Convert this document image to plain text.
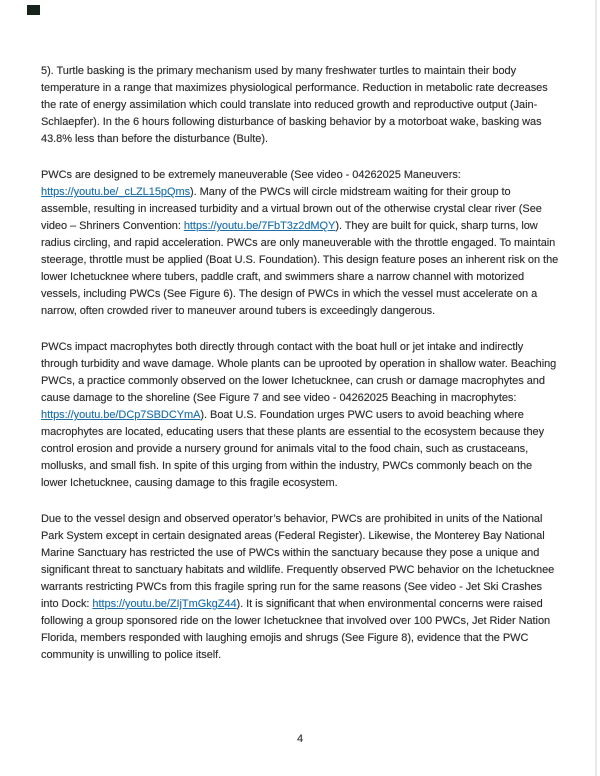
5). Turtle basking is the primary mechanism used by many freshwater turtles to maintain their body temperature in a range that maximizes physiological performance. Reduction in metabolic rate decreases the rate of energy assimilation which could translate into reduced growth and reproductive output (Jain-Schlaepfer). In the 6 hours following disturbance of basking behavior by a motorboat wake, basking was 43.8% less than before the disturbance (Bulte).

PWCs are designed to be extremely maneuverable (See video - 04262025 Maneuvers: https://youtu.be/_cLZL15pQms). Many of the PWCs will circle midstream waiting for their group to assemble, resulting in increased turbidity and a virtual brown out of the otherwise crystal clear river (See video – Shriners Convention: https://youtu.be/7FbT3z2dMQY). They are built for quick, sharp turns, low radius circling, and rapid acceleration. PWCs are only maneuverable with the throttle engaged. To maintain steerage, throttle must be applied (Boat U.S. Foundation). This design feature poses an inherent risk on the lower Ichetucknee where tubers, paddle craft, and swimmers share a narrow channel with motorized vessels, including PWCs (See Figure 6). The design of PWCs in which the vessel must accelerate on a narrow, often crowded river to maneuver around tubers is exceedingly dangerous.

PWCs impact macrophytes both directly through contact with the boat hull or jet intake and indirectly through turbidity and wave damage. Whole plants can be uprooted by operation in shallow water. Beaching PWCs, a practice commonly observed on the lower Ichetucknee, can crush or damage macrophytes and cause damage to the shoreline (See Figure 7 and see video - 04262025 Beaching in macrophytes: https://youtu.be/DCp7SBDCYmA). Boat U.S. Foundation urges PWC users to avoid beaching where macrophytes are located, educating users that these plants are essential to the ecosystem because they control erosion and provide a nursery ground for animals vital to the food chain, such as crustaceans, mollusks, and small fish. In spite of this urging from within the industry, PWCs commonly beach on the lower Ichetucknee, causing damage to this fragile ecosystem.

Due to the vessel design and observed operator’s behavior, PWCs are prohibited in units of the National Park System except in certain designated areas (Federal Register). Likewise, the Monterey Bay National Marine Sanctuary has restricted the use of PWCs within the sanctuary because they pose a unique and significant threat to sanctuary habitats and wildlife. Frequently observed PWC behavior on the Ichetucknee warrants restricting PWCs from this fragile spring run for the same reasons (See video - Jet Ski Crashes into Dock: https://youtu.be/ZIjTmGkgZ44). It is significant that when environmental concerns were raised following a group sponsored ride on the lower Ichetucknee that involved over 100 PWCs, Jet Rider Nation Florida, members responded with laughing emojis and shrugs (See Figure 8), evidence that the PWC community is unwilling to police itself.

4
